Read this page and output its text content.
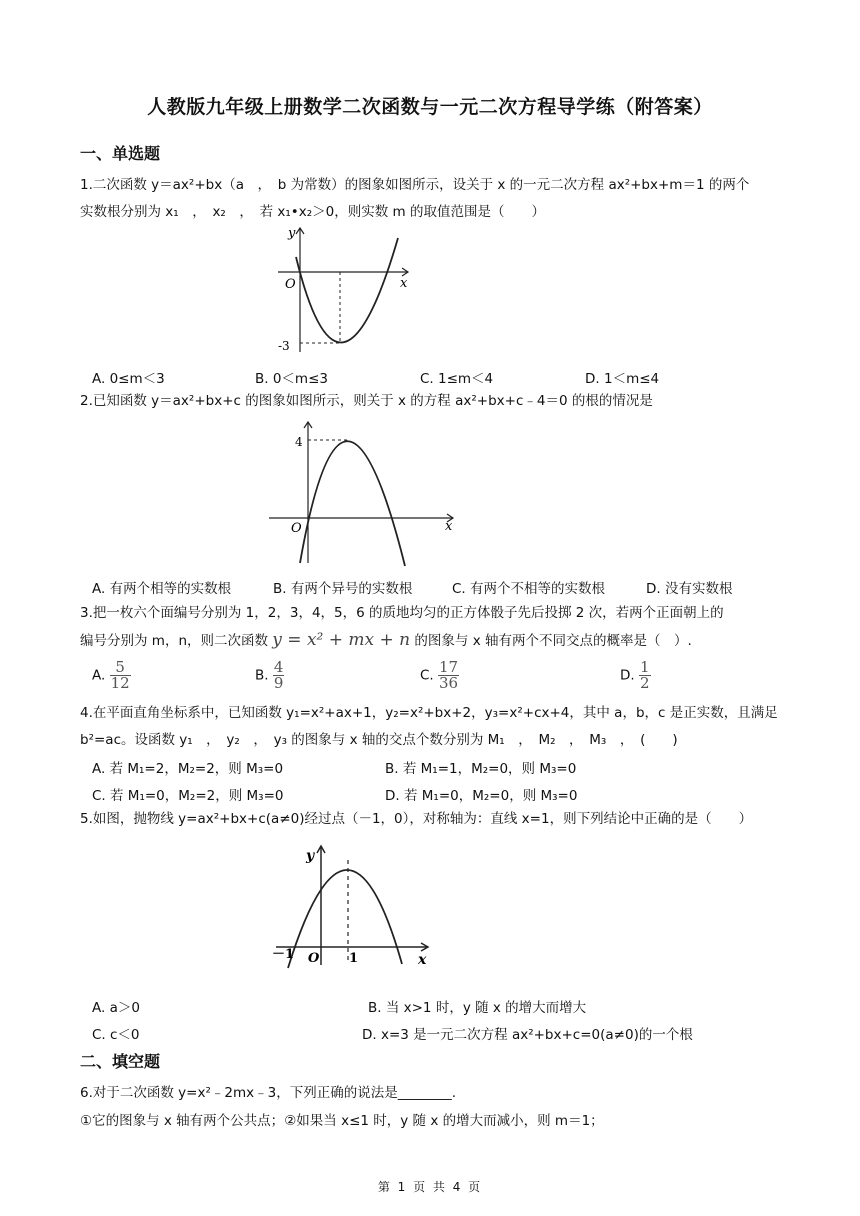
人教版九年级上册数学二次函数与一元二次方程导学练（附答案）
一、单选题
1.二次函数 y＝ax²+bx（a　，　b 为常数）的图象如图所示，设关于 x 的一元二次方程 ax²+bx+m＝1 的两个
实数根分别为 x₁　，　x₂　，　若 x₁•x₂＞0，则实数 m 的取值范围是（　　）
y
x
O
-3
A. 0≤m＜3	B. 0＜m≤3	C. 1≤m＜4	D. 1＜m≤4
2.已知函数 y＝ax²+bx+c 的图象如图所示，则关于 x 的方程 ax²+bx+c﹣4＝0 的根的情况是
4
O	x
A. 有两个相等的实数根	B. 有两个异号的实数根	C. 有两个不相等的实数根	D. 没有实数根
3.把一枚六个面编号分别为 1，2，3，4，5，6 的质地均匀的正方体骰子先后投掷 2 次，若两个正面朝上的
编号分别为 m，n，则二次函数 y = x² + mx + n 的图象与 x 轴有两个不同交点的概率是（　）.
A. $\frac{5}{12}$	B. $\frac{4}{9}$	C. $\frac{17}{36}$	D. $\frac{1}{2}$
4.在平面直角坐标系中，已知函数 y₁=x²+ax+1，y₂=x²+bx+2，y₃=x²+cx+4，其中 a，b，c 是正实数，且满足
b²=ac。设函数 y₁　，　y₂　，　y₃ 的图象与 x 轴的交点个数分别为 M₁　，　M₂　，　M₃　，　(　　)
A. 若 M₁=2，M₂=2，则 M₃=0	B. 若 M₁=1，M₂=0，则 M₃=0
C. 若 M₁=0，M₂=2，则 M₃=0	D. 若 M₁=0，M₂=0，则 M₃=0
5.如图，抛物线 y=ax²+bx+c(a≠0)经过点（－1，0），对称轴为：直线 x=1，则下列结论中正确的是（　　）
y
x
O
－1	1
A. a＞0	B. 当 x>1 时，y 随 x 的增大而增大
C. c＜0	D. x=3 是一元二次方程 ax²+bx+c=0(a≠0)的一个根
二、填空题
6.对于二次函数 y=x²﹣2mx﹣3，下列正确的说法是________.
①它的图象与 x 轴有两个公共点；②如果当 x≤1 时，y 随 x 的增大而减小，则 m＝1；
第 1 页 共 4 页
